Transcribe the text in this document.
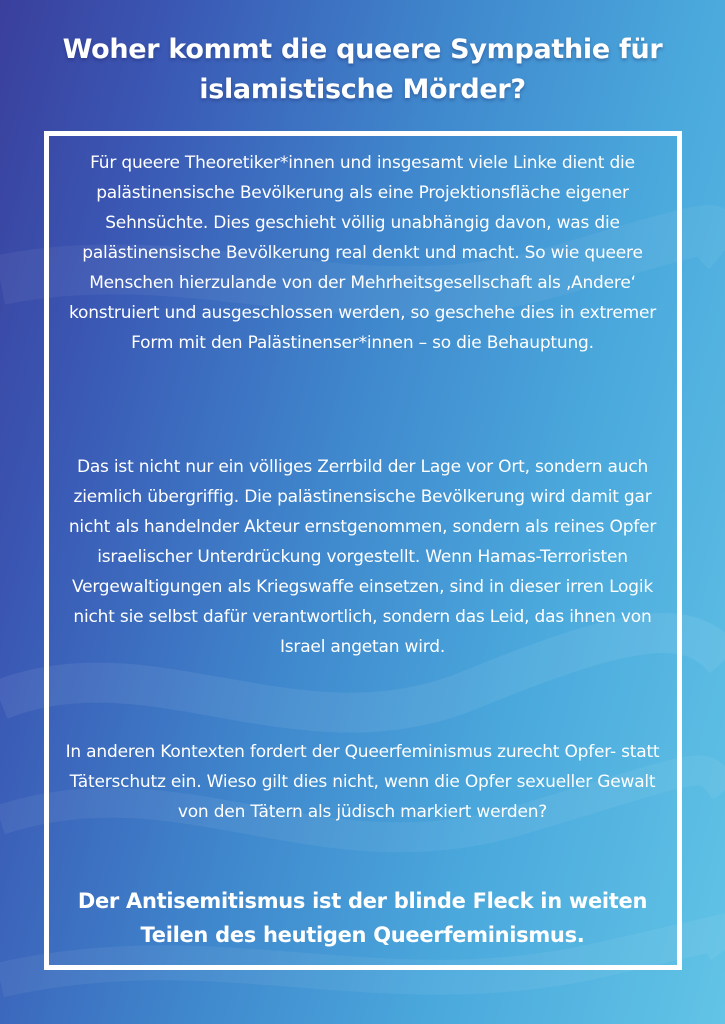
Woher kommt die queere Sympathie für islamistische Mörder?

Für queere Theoretiker*innen und insgesamt viele Linke dient die palästinensische Bevölkerung als eine Projektionsfläche eigener Sehnsüchte. Dies geschieht völlig unabhängig davon, was die palästinensische Bevölkerung real denkt und macht. So wie queere Menschen hierzulande von der Mehrheitsgesellschaft als ‚Andere‘ konstruiert und ausgeschlossen werden, so geschehe dies in extremer Form mit den Palästinenser*innen – so die Behauptung.

Das ist nicht nur ein völliges Zerrbild der Lage vor Ort, sondern auch ziemlich übergriffig. Die palästinensische Bevölkerung wird damit gar nicht als handelnder Akteur ernstgenommen, sondern als reines Opfer israelischer Unterdrückung vorgestellt. Wenn Hamas-Terroristen Vergewaltigungen als Kriegswaffe einsetzen, sind in dieser irren Logik nicht sie selbst dafür verantwortlich, sondern das Leid, das ihnen von Israel angetan wird.

In anderen Kontexten fordert der Queerfeminismus zurecht Opfer- statt Täterschutz ein. Wieso gilt dies nicht, wenn die Opfer sexueller Gewalt von den Tätern als jüdisch markiert werden?

Der Antisemitismus ist der blinde Fleck in weiten Teilen des heutigen Queerfeminismus.
